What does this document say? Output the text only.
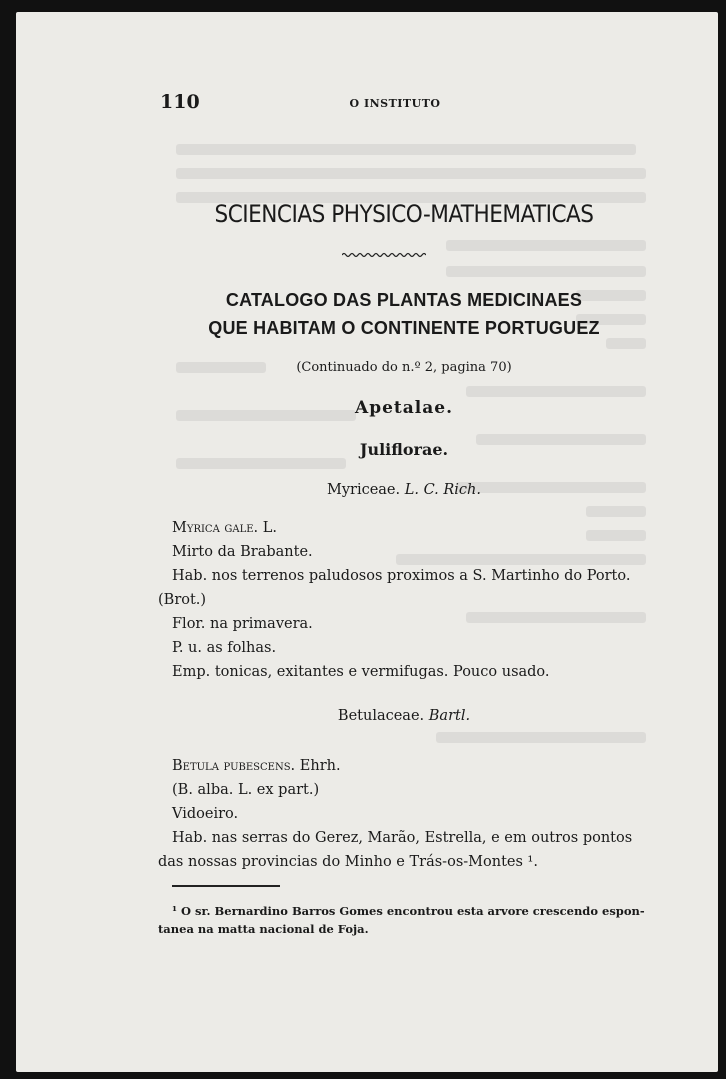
110	O INSTITUTO
SCIENCIAS PHYSICO-MATHEMATICAS
CATALOGO DAS PLANTAS MEDICINAES
QUE HABITAM O CONTINENTE PORTUGUEZ
(Continuado do n.º 2, pagina 70)
Apetalae.
Juliflorae.
Myriceae. L. C. Rich.
Myrica gale. L.
Mirto da Brabante.
Hab. nos terrenos paludosos proximos a S. Martinho do Porto.
(Brot.)
Flor. na primavera.
P. u. as folhas.
Emp. tonicas, exitantes e vermifugas. Pouco usado.
Betulaceae. Bartl.
Betula pubescens. Ehrh.
(B. alba. L. ex part.)
Vidoeiro.
Hab. nas serras do Gerez, Marão, Estrella, e em outros pontos
das nossas provincias do Minho e Trás-os-Montes ¹.
¹ O sr. Bernardino Barros Gomes encontrou esta arvore crescendo espon-
tanea na matta nacional de Foja.
